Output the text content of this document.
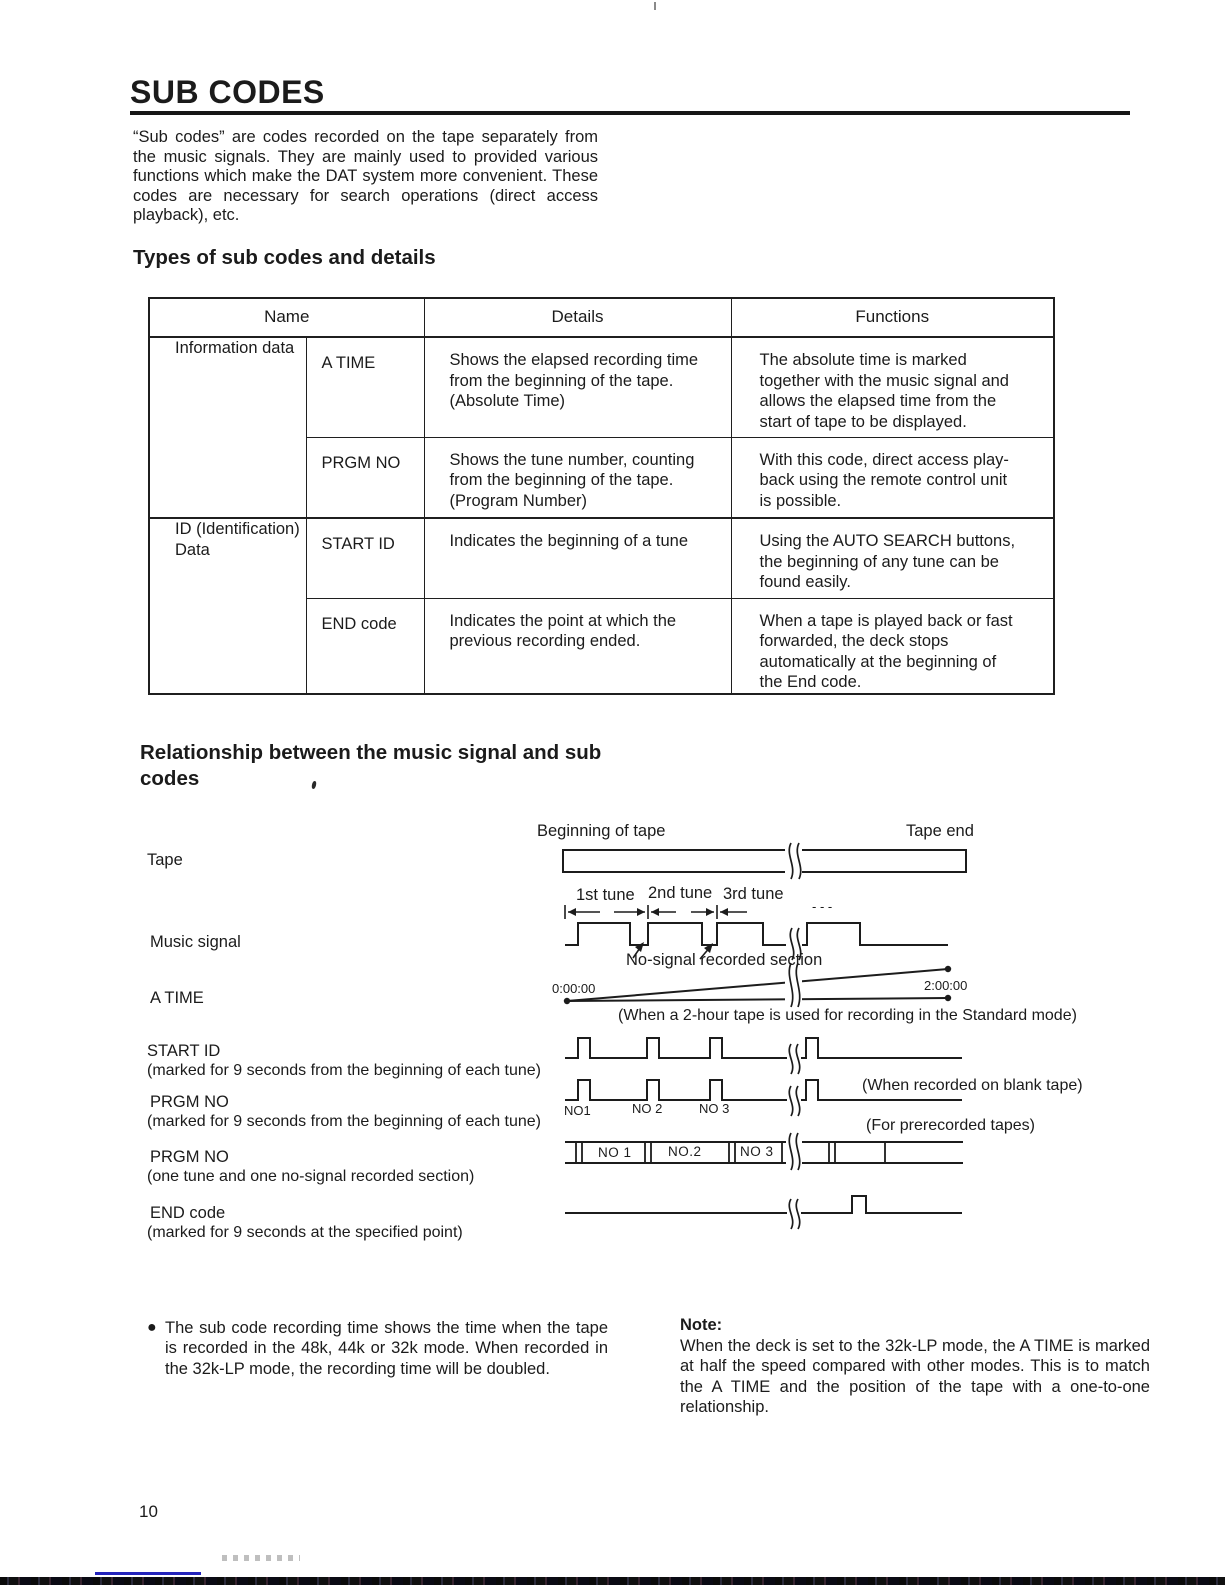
SUB CODES
“Sub codes” are codes recorded on the tape separately from the music signals. They are mainly used to provided various functions which make the DAT system more convenient. These codes are necessary for search operations (direct access playback), etc.
Types of sub codes and details
Name		Details	Functions
Information data	A TIME	Shows the elapsed recording time from the beginning of the tape. (Absolute Time)	The absolute time is marked together with the music signal and allows the elapsed time from the start of tape to be displayed.
	PRGM NO	Shows the tune number, counting from the beginning of the tape. (Program Number)	With this code, direct access play-back using the remote control unit is possible.
ID (Identification) Data	START ID	Indicates the beginning of a tune	Using the AUTO SEARCH buttons, the beginning of any tune can be found easily.
	END code	Indicates the point at which the previous recording ended.	When a tape is played back or fast forwarded, the deck stops automatically at the beginning of the End code.
Relationship between the music signal and sub codes
Tape
Music signal
A TIME
START ID
(marked for 9 seconds from the beginning of each tune)
PRGM NO
(marked for 9 seconds from the beginning of each tune)
PRGM NO
(one tune and one no-signal recorded section)
END code
(marked for 9 seconds at the specified point)
Beginning of tape	Tape end
1st tune 2nd tune 3rd tune
- - -
No-signal recorded section
0:00:00	2:00:00
(When a 2-hour tape is used for recording in the Standard mode)
(When recorded on blank tape)
(For prerecorded tapes)
NO1	NO 2	NO 3
NO 1	NO.2	NO 3
● The sub code recording time shows the time when the tape is recorded in the 48k, 44k or 32k mode. When recorded in the 32k-LP mode, the recording time will be doubled.
Note:
When the deck is set to the 32k-LP mode, the A TIME is marked at half the speed compared with other modes. This is to match the A TIME and the position of the tape with a one-to-one relationship.
10
